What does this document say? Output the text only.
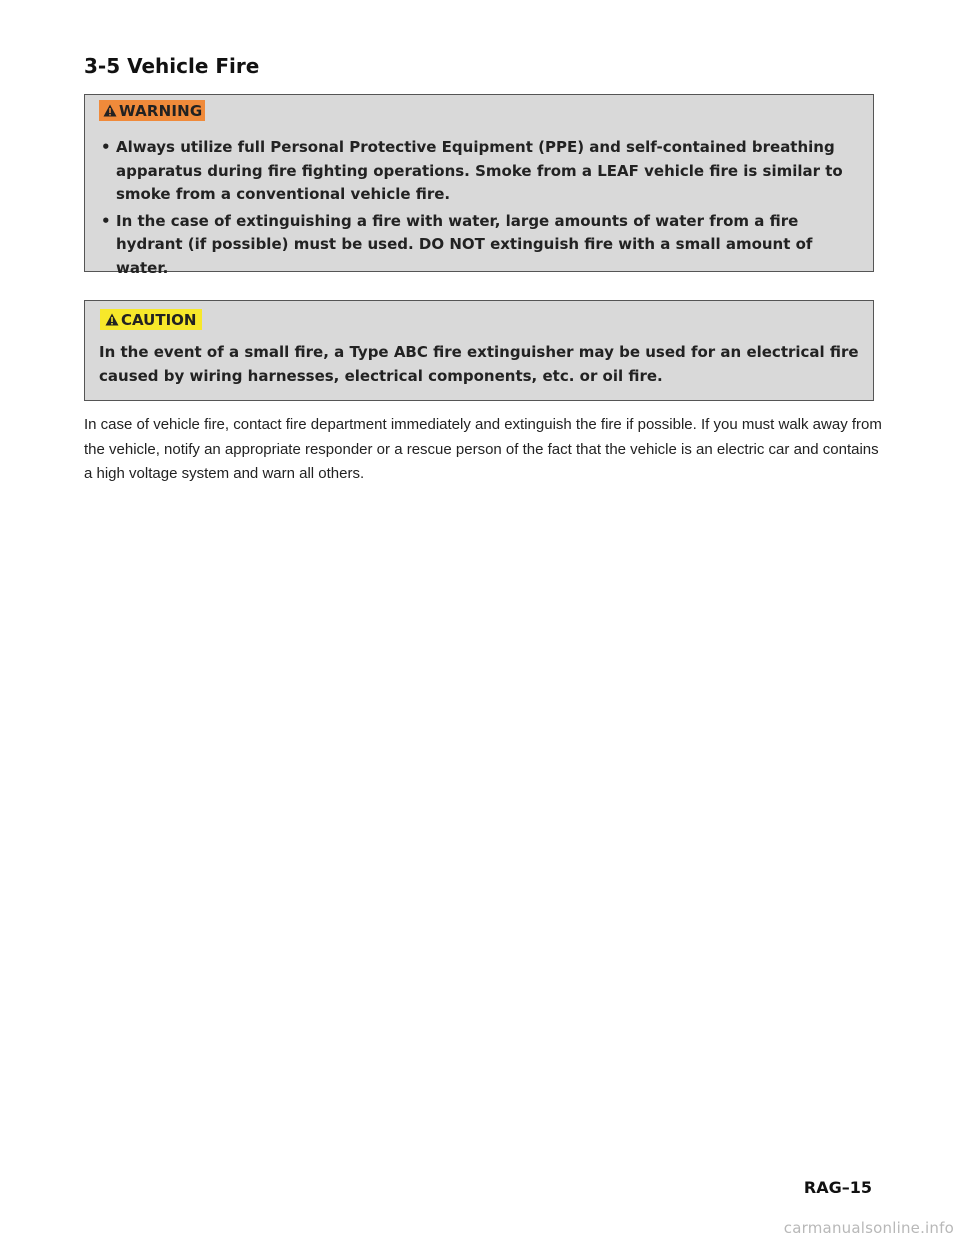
3-5 Vehicle Fire
WARNING
• Always utilize full Personal Protective Equipment (PPE) and self-contained breathing apparatus during fire fighting operations. Smoke from a LEAF vehicle fire is similar to smoke from a conventional vehicle fire.
• In the case of extinguishing a fire with water, large amounts of water from a fire hydrant (if possible) must be used. DO NOT extinguish fire with a small amount of water.
CAUTION

In the event of a small fire, a Type ABC fire extinguisher may be used for an electrical fire caused by wiring harnesses, electrical components, etc. or oil fire.

In case of vehicle fire, contact fire department immediately and extinguish the fire if possible. If you must walk away from the vehicle, notify an appropriate responder or a rescue person of the fact that the vehicle is an electric car and contains a high voltage system and warn all others.

RAG–15
carmanualsonline.info
